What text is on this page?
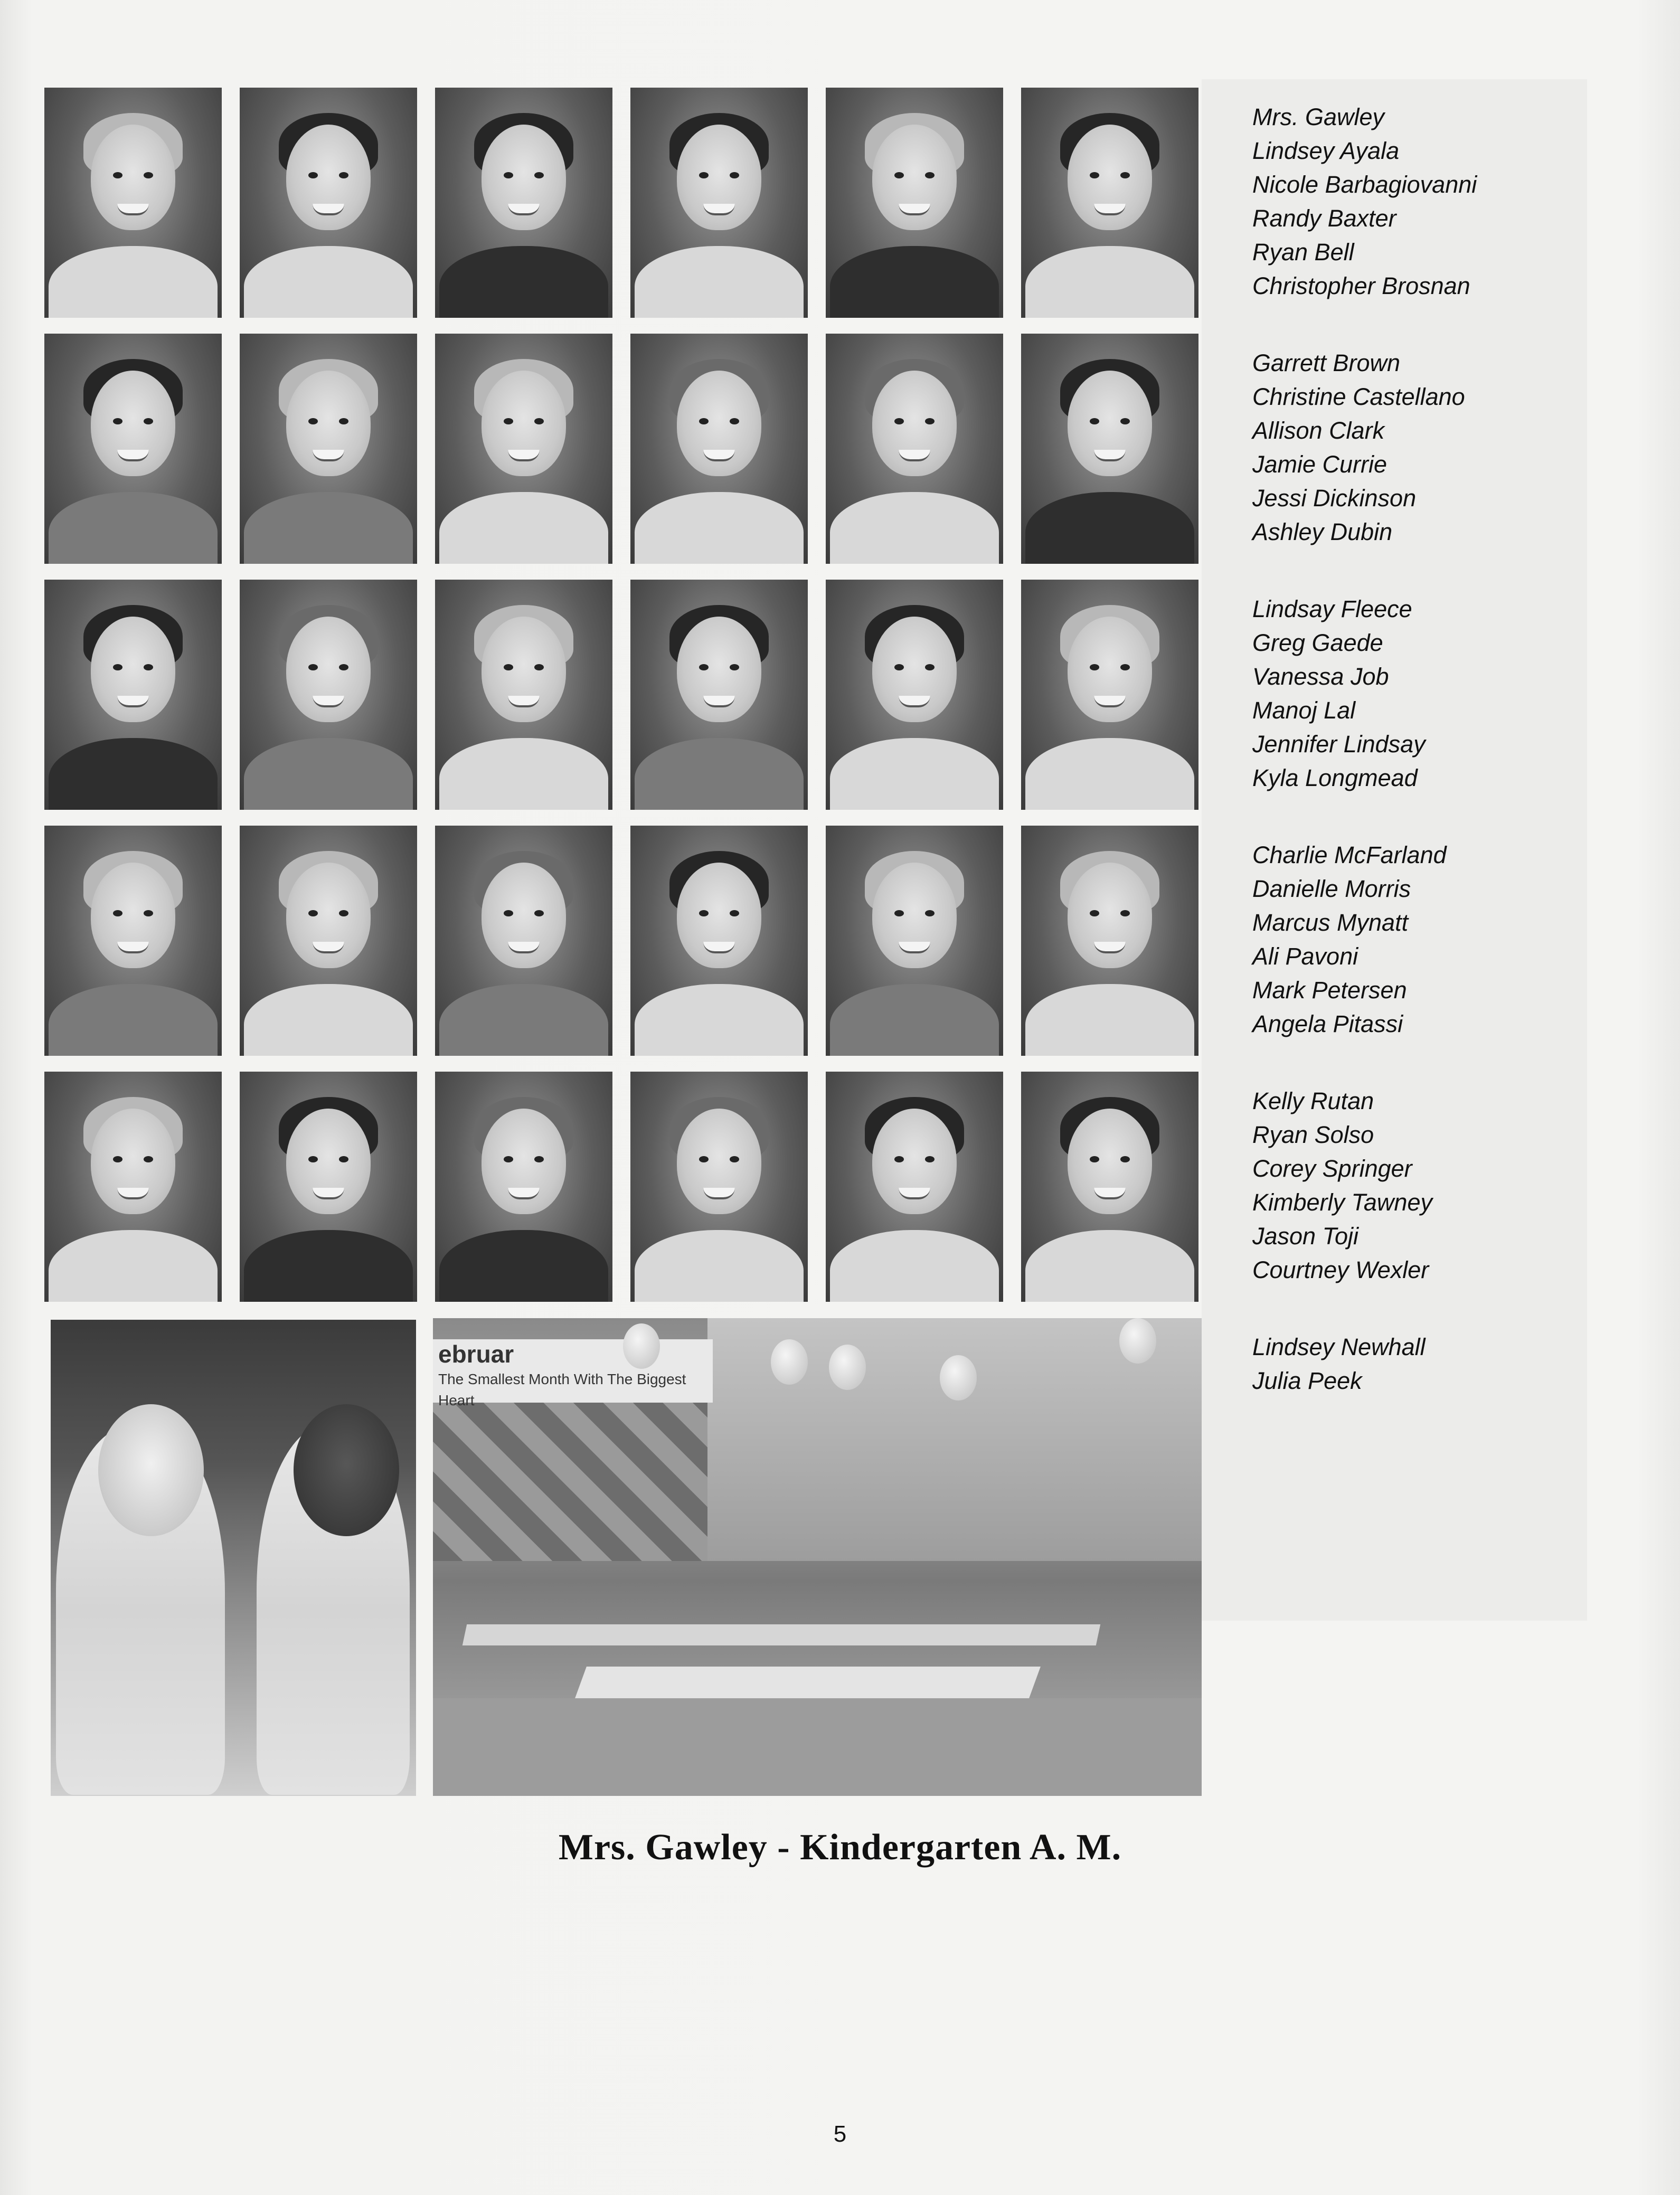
Mrs. Gawley
Lindsey Ayala
Nicole Barbagiovanni
Randy Baxter
Ryan Bell
Christopher Brosnan
Garrett Brown
Christine Castellano
Allison Clark
Jamie Currie
Jessi Dickinson
Ashley Dubin
Lindsay Fleece
Greg Gaede
Vanessa Job
Manoj Lal
Jennifer Lindsay
Kyla Longmead
Charlie McFarland
Danielle Morris
Marcus Mynatt
Ali Pavoni
Mark Petersen
Angela Pitassi
Kelly Rutan
Ryan Solso
Corey Springer
Kimberly Tawney
Jason Toji
Courtney Wexler
Lindsey Newhall
Julia Peek
ebruar
The Smallest Month With The Biggest Heart
Mrs. Gawley - Kindergarten A. M.
5
